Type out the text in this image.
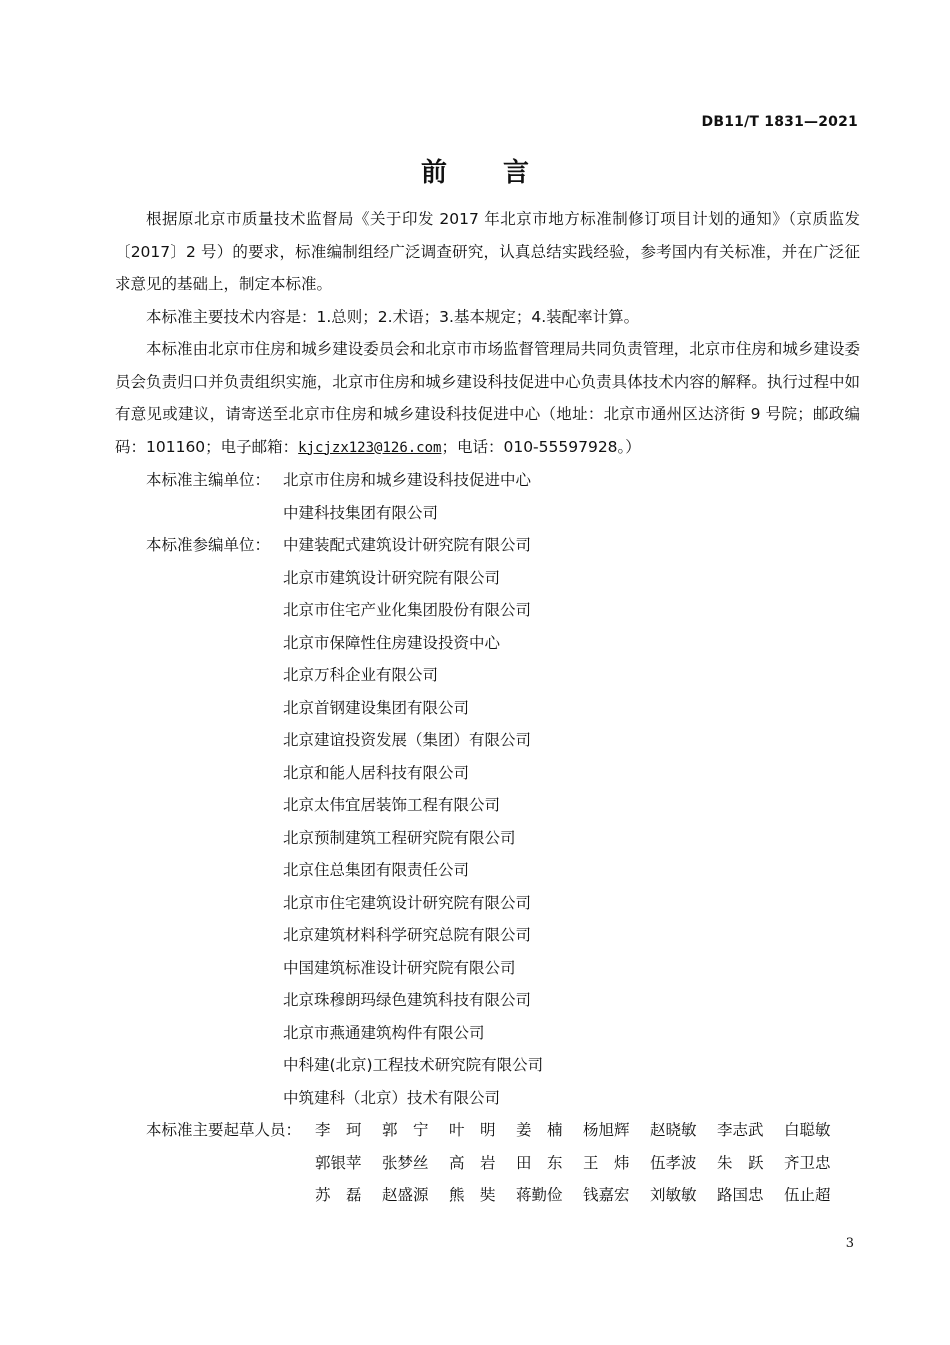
DB11/T 1831—2021
前 言

根据原北京市质量技术监督局《关于印发 2017 年北京市地方标准制修订项目计划的通知》（京质监发〔2017〕2 号）的要求，标准编制组经广泛调查研究，认真总结实践经验，参考国内有关标准，并在广泛征求意见的基础上，制定本标准。

本标准主要技术内容是：1.总则；2.术语；3.基本规定；4.装配率计算。

本标准由北京市住房和城乡建设委员会和北京市市场监督管理局共同负责管理，北京市住房和城乡建设委员会负责归口并负责组织实施，北京市住房和城乡建设科技促进中心负责具体技术内容的解释。执行过程中如有意见或建议，请寄送至北京市住房和城乡建设科技促进中心（地址：北京市通州区达济街 9 号院；邮政编码：101160；电子邮箱：kjcjzx123@126.com；电话：010-55597928。）

本标准主编单位： 北京市住房和城乡建设科技促进中心
中建科技集团有限公司
本标准参编单位： 中建装配式建筑设计研究院有限公司
北京市建筑设计研究院有限公司
北京市住宅产业化集团股份有限公司
北京市保障性住房建设投资中心
北京万科企业有限公司
北京首钢建设集团有限公司
北京建谊投资发展（集团）有限公司
北京和能人居科技有限公司
北京太伟宜居装饰工程有限公司
北京预制建筑工程研究院有限公司
北京住总集团有限责任公司
北京市住宅建筑设计研究院有限公司
北京建筑材料科学研究总院有限公司
中国建筑标准设计研究院有限公司
北京珠穆朗玛绿色建筑科技有限公司
北京市燕通建筑构件有限公司
中科建(北京)工程技术研究院有限公司
中筑建科（北京）技术有限公司
本标准主要起草人员： 李　珂	郭　宁	叶　明	姜　楠	杨旭辉	赵晓敏	李志武	白聪敏
郭银苹	张梦丝	高　岩	田　东	王　炜	伍孝波	朱　跃	齐卫忠
苏　磊	赵盛源	熊　奘	蒋勤俭	钱嘉宏	刘敏敏	路国忠	伍止超
3
